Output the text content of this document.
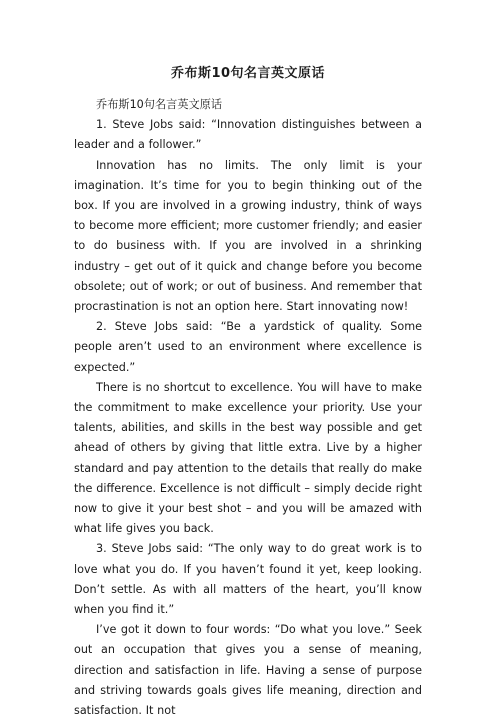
乔布斯10句名言英文原话

乔布斯10句名言英文原话

1. Steve Jobs said: “Innovation distinguishes between a leader and a follower.”

Innovation has no limits. The only limit is your imagination. It’s time for you to begin thinking out of the box. If you are involved in a growing industry, think of ways to become more efficient; more customer friendly; and easier to do business with. If you are involved in a shrinking industry – get out of it quick and change before you become obsolete; out of work; or out of business. And remember that procrastination is not an option here. Start innovating now!

2. Steve Jobs said: “Be a yardstick of quality. Some people aren’t used to an environment where excellence is expected.”

There is no shortcut to excellence. You will have to make the commitment to make excellence your priority. Use your talents, abilities, and skills in the best way possible and get ahead of others by giving that little extra. Live by a higher standard and pay attention to the details that really do make the difference. Excellence is not difficult – simply decide right now to give it your best shot – and you will be amazed with what life gives you back.

3. Steve Jobs said: “The only way to do great work is to love what you do. If you haven’t found it yet, keep looking. Don’t settle. As with all matters of the heart, you’ll know when you find it.”

I’ve got it down to four words: “Do what you love.” Seek out an occupation that gives you a sense of meaning, direction and satisfaction in life. Having a sense of purpose and striving towards goals gives life meaning, direction and satisfaction. It not
